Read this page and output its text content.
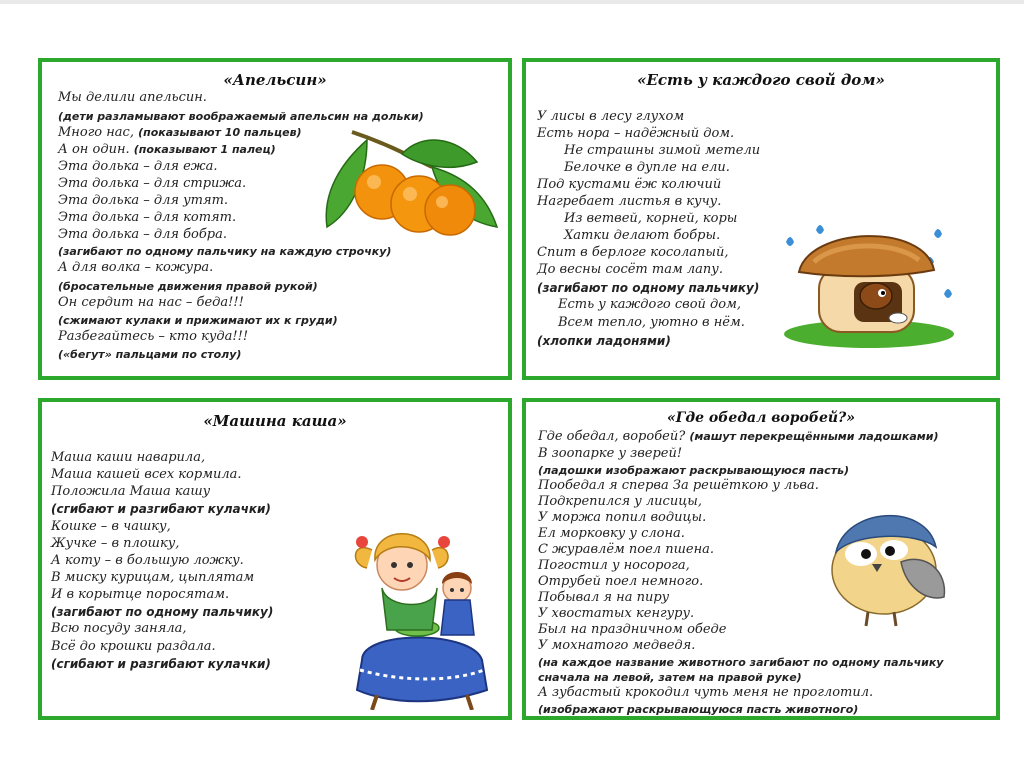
«Апельсин»
Мы делили апельсин.
(дети разламывают воображаемый апельсин на дольки)
Много нас, (показывают 10 пальцев)
А он один. (показывают 1 палец)
Эта долька – для ежа.
Эта долька – для стрижа.
Эта долька – для утят.
Эта долька – для котят.
Эта долька – для бобра.
(загибают по одному пальчику на каждую строчку)
А для волка – кожура.
(бросательные движения правой рукой)
Он сердит на нас – беда!!!
(сжимают кулаки и прижимают их к груди)
Разбегайтесь – кто куда!!!
(«бегут» пальцами по столу)
«Есть у каждого свой дом»
У лисы в лесу глухом
Есть нора – надёжный дом.
Не страшны зимой метели
Белочке в дупле на ели.
Под кустами ёж колючий
Нагребает листья в кучу.
Из ветвей, корней, коры
Хатки делают бобры.
Спит в берлоге косолапый,
До весны сосёт там лапу.
(загибают по одному пальчику)
Есть у каждого свой дом,
Всем тепло, уютно в нём.
(хлопки ладонями)
«Машина каша»
Маша каши наварила,
Маша кашей всех кормила.
Положила Маша кашу
(сгибают и разгибают кулачки)
Кошке – в чашку,
Жучке – в плошку,
А коту – в большую ложку.
В миску курицам, цыплятам
И в корытце поросятам.
(загибают по одному пальчику)
Всю посуду заняла,
Всё до крошки раздала.
(сгибают и разгибают кулачки)
«Где обедал воробей?»
Где обедал, воробей? (машут перекрещёнными ладошками)
В зоопарке у зверей!
(ладошки изображают раскрывающуюся пасть)
Пообедал я сперва За решёткою у льва.
Подкрепился у лисицы,
У моржа попил водицы.
Ел морковку у слона.
С журавлём поел пшена.
Погостил у носорога,
Отрубей поел немного.
Побывал я на пиру
У хвостатых кенгуру.
Был на праздничном обеде
У мохнатого медведя.
(на каждое название животного загибают по одному пальчику
сначала на левой, затем на правой руке)
А зубастый крокодил чуть меня не проглотил.
(изображают раскрывающуюся пасть животного)
